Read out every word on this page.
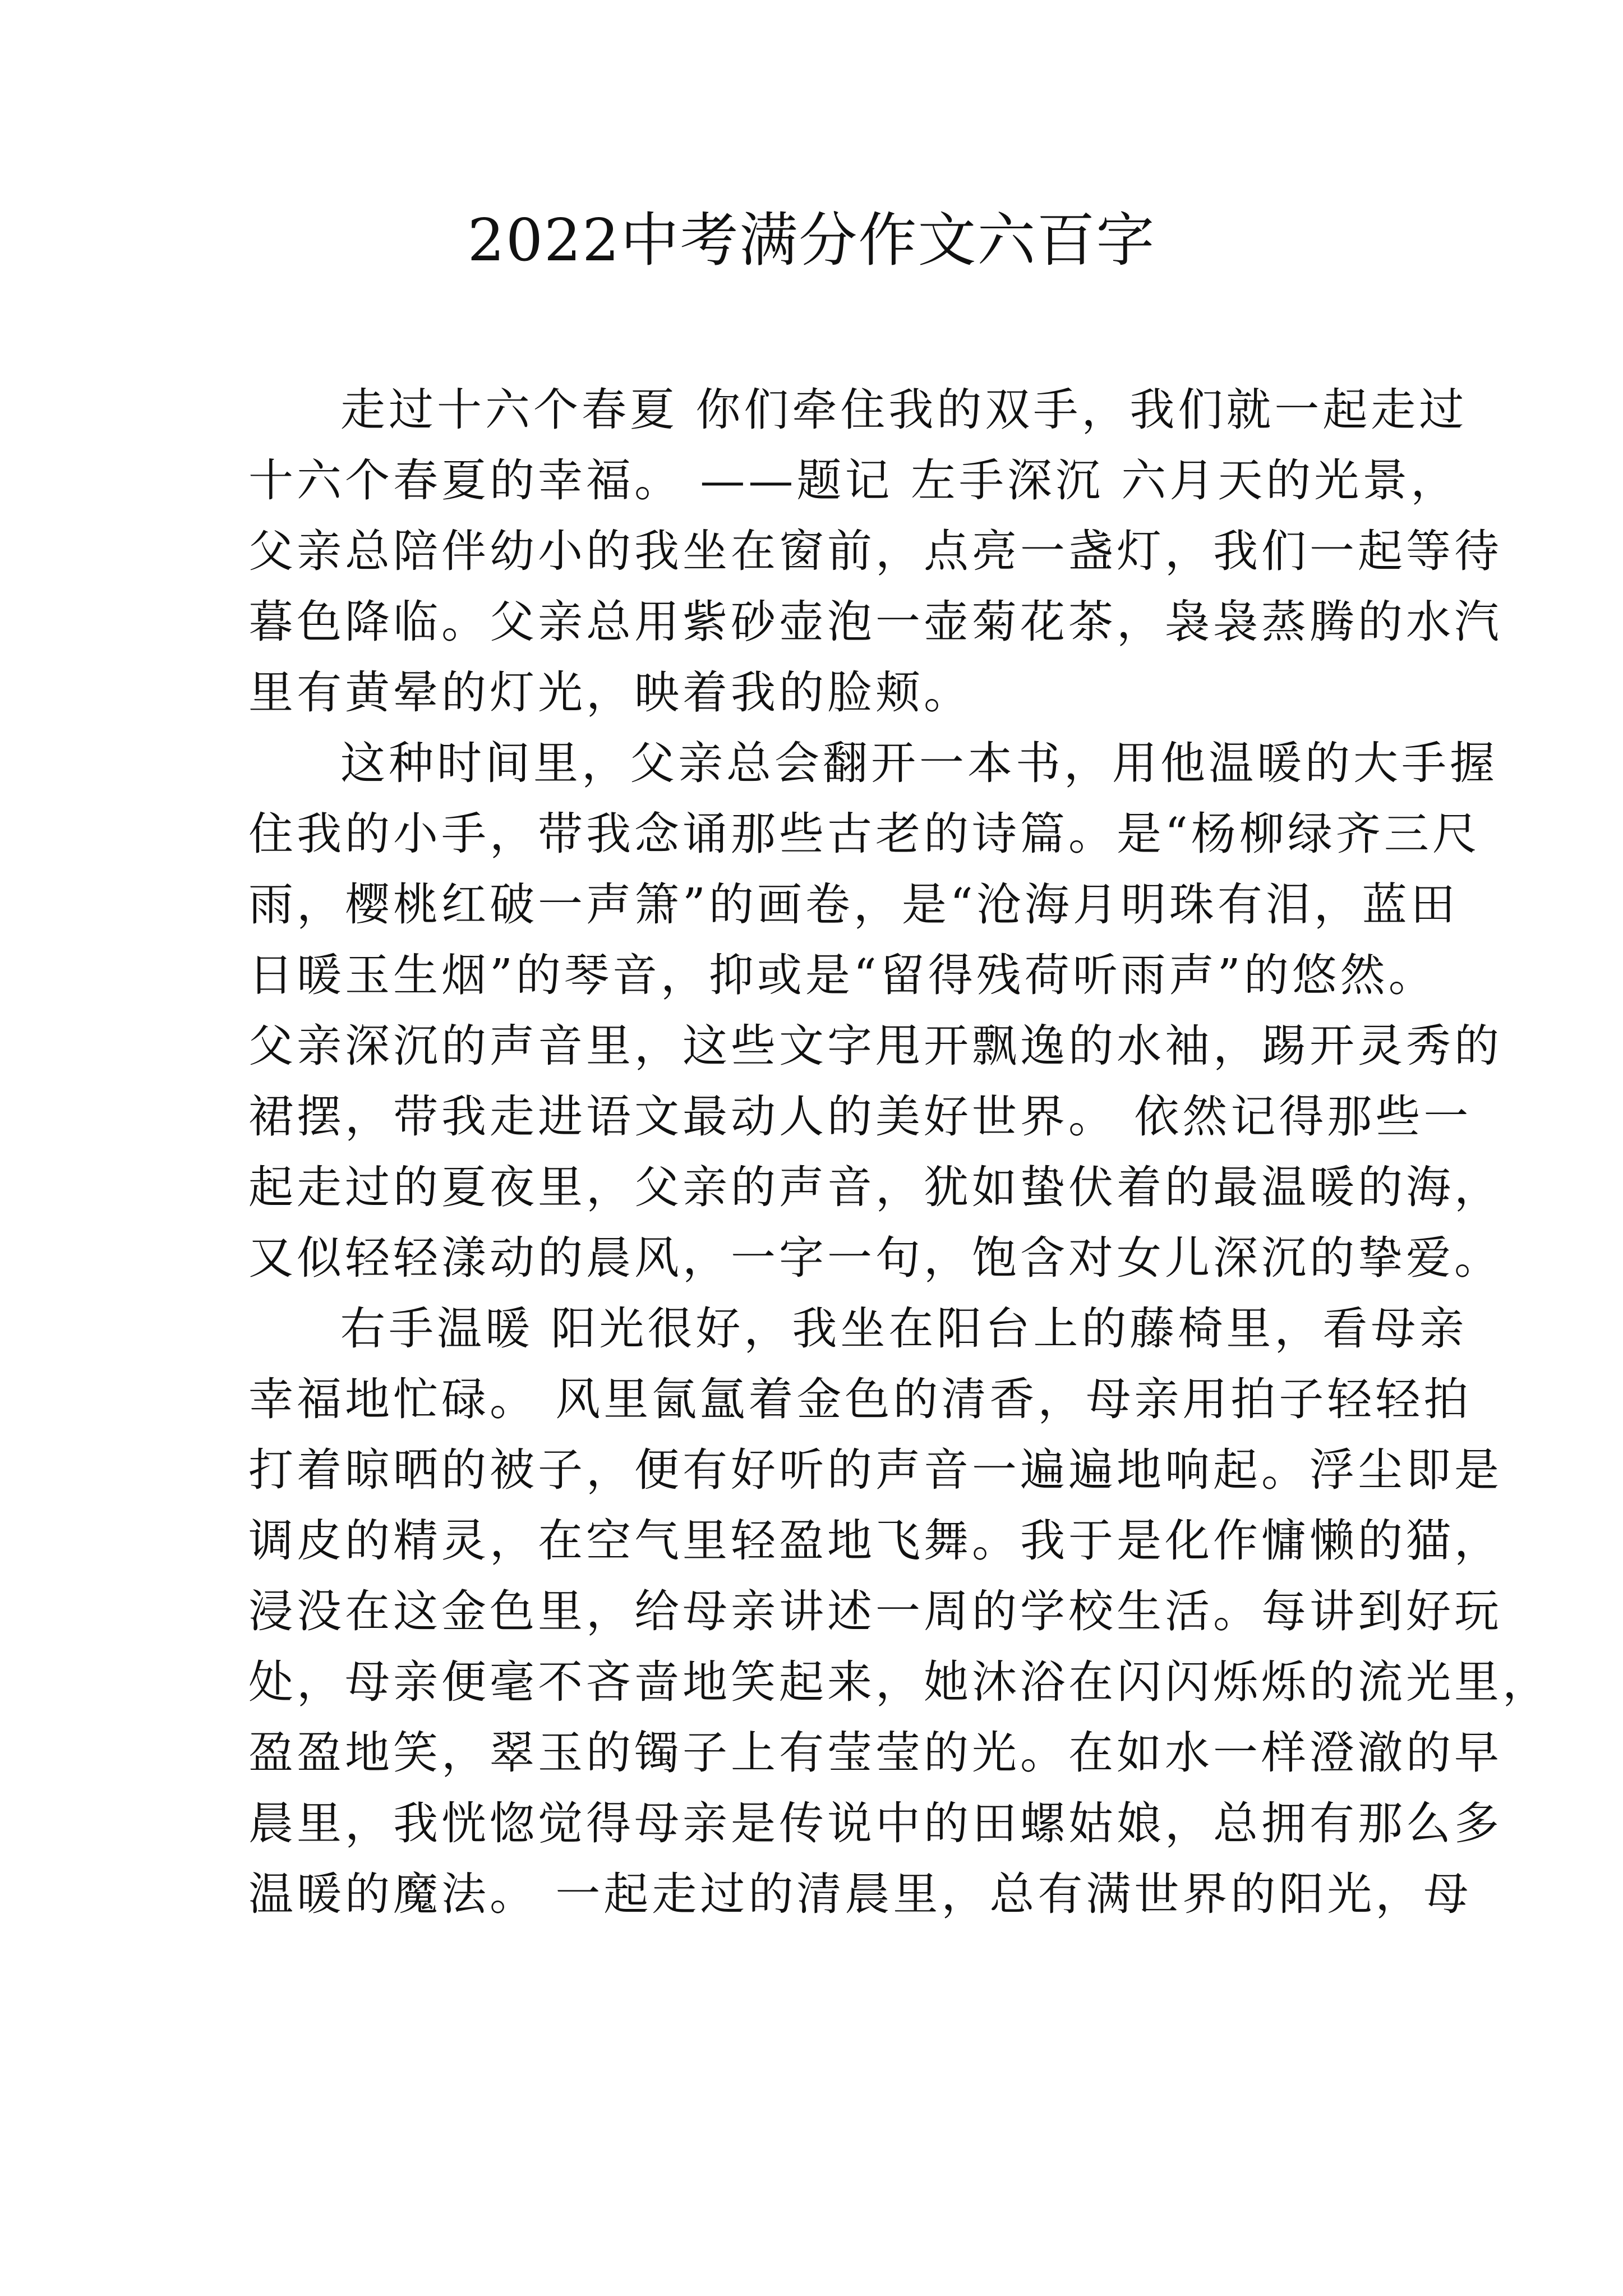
2022中考满分作文六百字

走过十六个春夏 你们牵住我的双手，我们就一起走过

十六个春夏的幸福。 ——题记 左手深沉 六月天的光景，

父亲总陪伴幼小的我坐在窗前，点亮一盏灯，我们一起等待

暮色降临。父亲总用紫砂壶泡一壶菊花茶，袅袅蒸腾的水汽

里有黄晕的灯光，映着我的脸颊。

这种时间里，父亲总会翻开一本书，用他温暖的大手握

住我的小手，带我念诵那些古老的诗篇。是“杨柳绿齐三尺

雨，樱桃红破一声箫”的画卷，是“沧海月明珠有泪，蓝田

日暖玉生烟”的琴音，抑或是“留得残荷听雨声”的悠然。

父亲深沉的声音里，这些文字甩开飘逸的水袖，踢开灵秀的

裙摆，带我走进语文最动人的美好世界。 依然记得那些一

起走过的夏夜里，父亲的声音，犹如蛰伏着的最温暖的海，

又似轻轻漾动的晨风，一字一句，饱含对女儿深沉的挚爱。

右手温暖 阳光很好，我坐在阳台上的藤椅里，看母亲

幸福地忙碌。 风里氤氲着金色的清香，母亲用拍子轻轻拍

打着晾晒的被子，便有好听的声音一遍遍地响起。浮尘即是

调皮的精灵，在空气里轻盈地飞舞。我于是化作慵懒的猫，

浸没在这金色里，给母亲讲述一周的学校生活。每讲到好玩

处，母亲便毫不吝啬地笑起来，她沐浴在闪闪烁烁的流光里，

盈盈地笑，翠玉的镯子上有莹莹的光。在如水一样澄澈的早

晨里，我恍惚觉得母亲是传说中的田螺姑娘，总拥有那么多

温暖的魔法。 一起走过的清晨里，总有满世界的阳光，母
